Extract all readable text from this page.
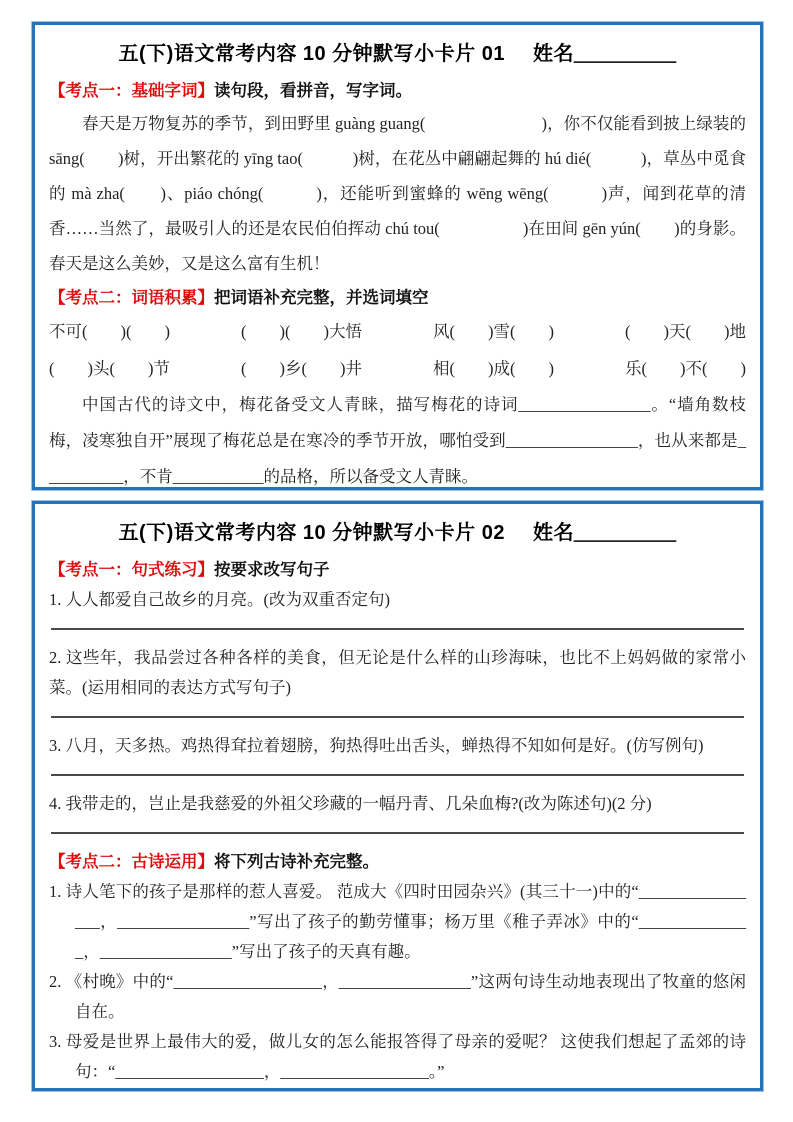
五(下)语文常考内容 10 分钟默写小卡片 01 姓名＿＿＿＿＿
【考点一：基础字词】读句段，看拼音，写字词。
春天是万物复苏的季节，到田野里 guàng guang(　　　　　　　)，你不仅能看到披上绿装的 sāng(　　)树，开出繁花的 yīng tao(　　　)树，在花丛中翩翩起舞的 hú dié(　　　)，草丛中觅食的 mà zha(　　)、piáo chóng(　　　)，还能听到蜜蜂的 wēng wēng(　　　)声，闻到花草的清香……当然了，最吸引人的还是农民伯伯挥动 chú tou(　　　　　)在田间 gēn yún(　　)的身影。春天是这么美妙，又是这么富有生机！
【考点二：词语积累】把词语补充完整，并选词填空
不可(　　)(　　)	(　　)(　　)大悟	风(　　)雪(　　)	(　　)天(　　)地
(　　)头(　　)节	(　　)乡(　　)井	相(　　)成(　　)	乐(　　)不(　　)
中国古代的诗文中，梅花备受文人青睐，描写梅花的诗词________________。“墙角数枝梅，凌寒独自开”展现了梅花总是在寒冷的季节开放，哪怕受到________________，也从来都是__________，不肯___________的品格，所以备受文人青睐。
五(下)语文常考内容 10 分钟默写小卡片 02 姓名＿＿＿＿＿
【考点一：句式练习】按要求改写句子
1. 人人都爱自己故乡的月亮。(改为双重否定句)
2. 这些年，我品尝过各种各样的美食，但无论是什么样的山珍海味，也比不上妈妈做的家常小菜。(运用相同的表达方式写句子)
3. 八月，天多热。鸡热得耷拉着翅膀，狗热得吐出舌头，蝉热得不知如何是好。(仿写例句)
4. 我带走的，岂止是我慈爱的外祖父珍藏的一幅丹青、几朵血梅?(改为陈述句)(2 分)
【考点二：古诗运用】将下列古诗补充完整。
1. 诗人笔下的孩子是那样的惹人喜爱。 范成大《四时田园杂兴》(其三十一)中的“________________，________________”写出了孩子的勤劳懂事；杨万里《稚子弄冰》中的“______________，________________”写出了孩子的天真有趣。
2. 《村晚》中的“__________________，________________”这两句诗生动地表现出了牧童的悠闲自在。
3. 母爱是世界上最伟大的爱，做儿女的怎么能报答得了母亲的爱呢？ 这使我们想起了孟郊的诗句：“__________________，__________________。”
